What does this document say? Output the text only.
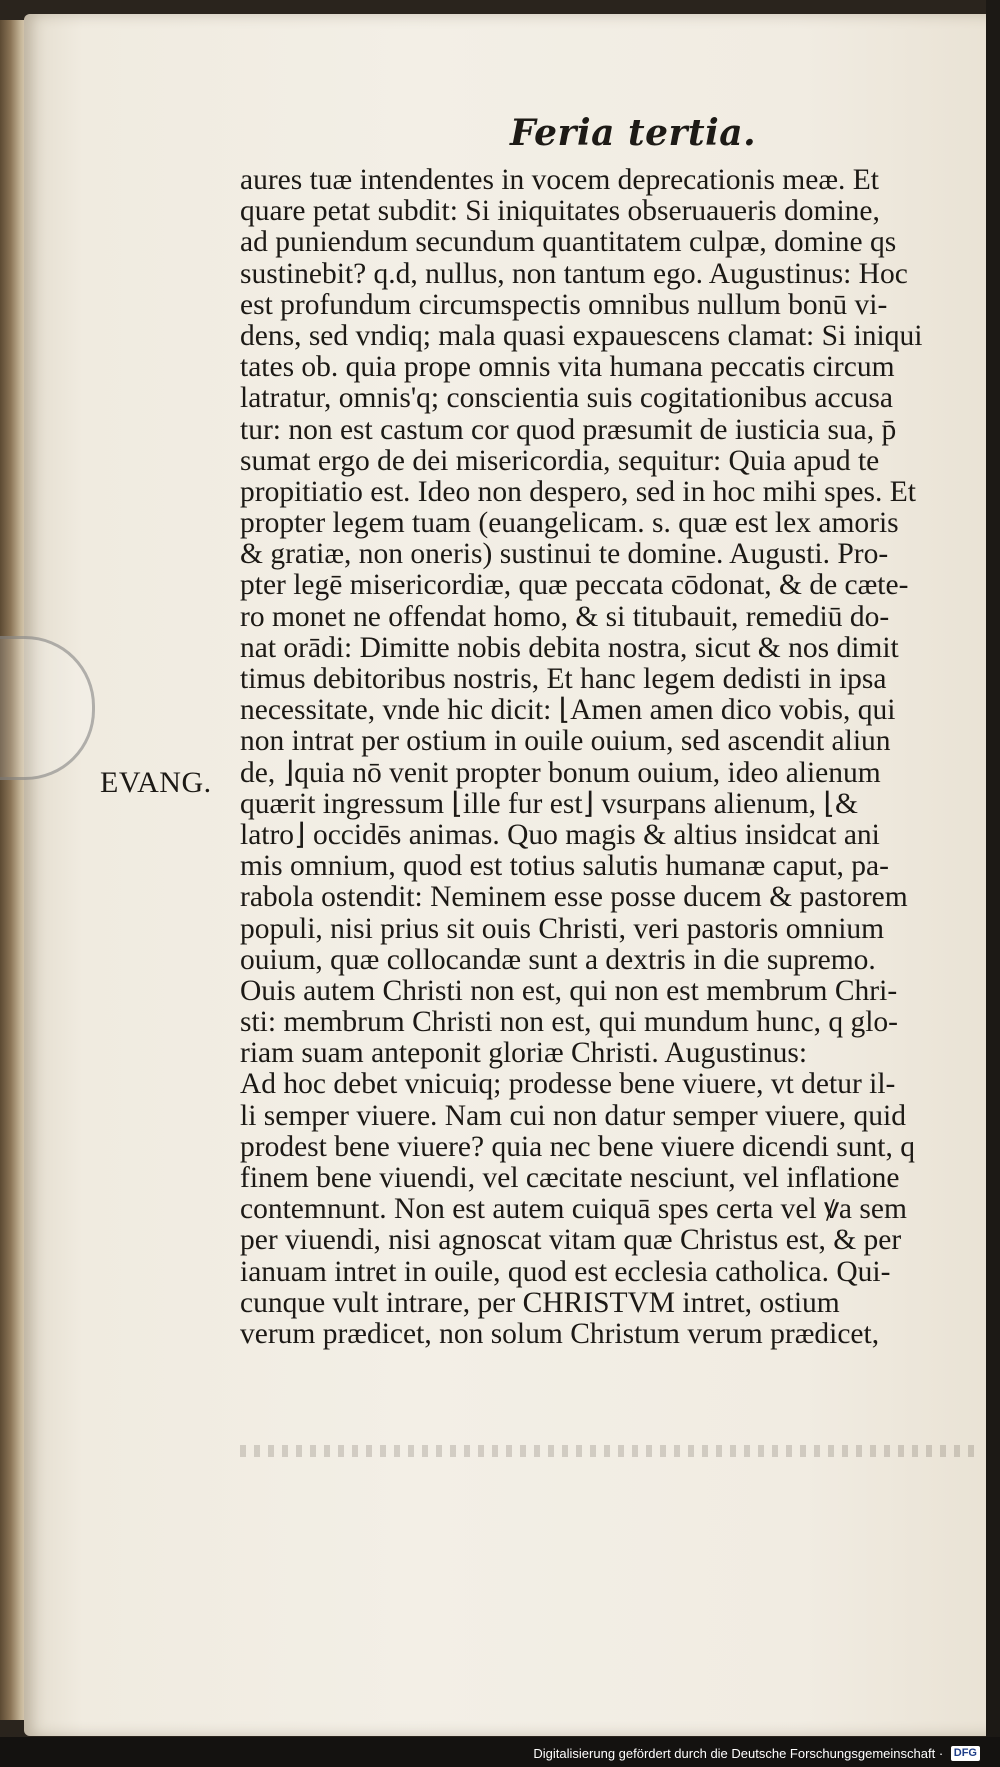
Feria tertia.
EVANG.
aures tuæ intendentes in vocem deprecationis meæ. Et
quare petat subdit: Si iniquitates obseruaueris domine,
ad puniendum secundum quantitatem culpæ, domine qs
sustinebit? q.d, nullus, non tantum ego. Augustinus: Hoc
est profundum circumspectis omnibus nullum bonū vi-
dens, sed vndiq; mala quasi expauescens clamat: Si iniqui
tates ob. quia prope omnis vita humana peccatis circum
latratur, omnis'q; conscientia suis cogitationibus accusa
tur: non est castum cor quod præsumit de iusticia sua, p̄
sumat ergo de dei misericordia, sequitur: Quia apud te
propitiatio est. Ideo non despero, sed in hoc mihi spes. Et
propter legem tuam (euangelicam. s. quæ est lex amoris
& gratiæ, non oneris) sustinui te domine. Augusti. Pro-
pter legē misericordiæ, quæ peccata cōdonat, & de cæte-
ro monet ne offendat homo, & si titubauit, remediū do-
nat orādi: Dimitte nobis debita nostra, sicut & nos dimit
timus debitoribus nostris, Et hanc legem dedisti in ipsa
necessitate, vnde hic dicit: ⌊Amen amen dico vobis, qui
non intrat per ostium in ouile ouium, sed ascendit aliun
de, ⌋quia nō venit propter bonum ouium, ideo alienum
quærit ingressum ⌊ille fur est⌋ vsurpans alienum, ⌊&
latro⌋ occidēs animas. Quo magis & altius insidcat ani
mis omnium, quod est totius salutis humanæ caput, pa-
rabola ostendit: Neminem esse posse ducem & pastorem
populi, nisi prius sit ouis Christi, veri pastoris omnium
ouium, quæ collocandæ sunt a dextris in die supremo.
Ouis autem Christi non est, qui non est membrum Chri-
sti: membrum Christi non est, qui mundum hunc, q glo-
riam suam anteponit gloriæ Christi. Augustinus:
Ad hoc debet vnicuiq; prodesse bene viuere, vt detur il-
li semper viuere. Nam cui non datur semper viuere, quid
prodest bene viuere? quia nec bene viuere dicendi sunt, q
finem bene viuendi, vel cæcitate nesciunt, vel inflatione
contemnunt. Non est autem cuiquā spes certa vel ꝟa sem
per viuendi, nisi agnoscat vitam quæ Christus est, & per
ianuam intret in ouile, quod est ecclesia catholica. Qui-
cunque vult intrare, per CHRISTVM intret, ostium
verum prædicet, non solum Christum verum prædicet,
Digitalisierung gefördert durch die Deutsche Forschungsgemeinschaft · DFG
